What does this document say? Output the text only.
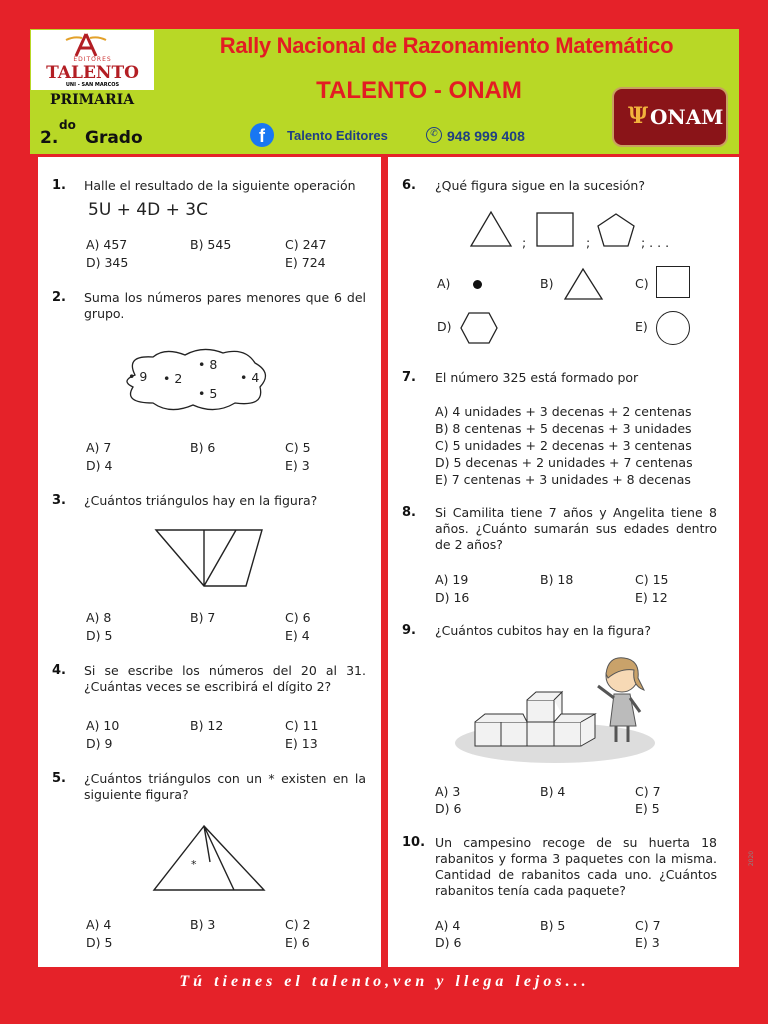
EDITORES
TALENTO
UNI - SAN MARCOS
PRIMARIA
2.
do
Grado
Rally Nacional de Razonamiento Matemático
TALENTO - ONAM
f	Talento Editores	✆ 948 999 408
Ψ ONAM
1. Halle el resultado de la siguiente operación
5U + 4D + 3C
A) 457	B) 545	C) 247
D) 345	E) 724
2. Suma los números pares menores que 6 del grupo.
• 9 • 2
• 8
• 5
• 4
A) 7	B) 6	C) 5
D) 4	E) 3
3. ¿Cuántos triángulos hay en la figura?
A) 8	B) 7	C) 6
D) 5	E) 4
4. Si se escribe los números del 20 al 31. ¿Cuántas veces se escribirá el dígito 2?
A) 10	B) 12	C) 11
D) 9	E) 13
5. ¿Cuántos triángulos con un * existen en la siguiente figura?
*
A) 4	B) 3	C) 2
D) 5	E) 6
6. ¿Qué figura sigue en la sucesión?
;	;	; . . .
A)	B)	C)
D)	E)
7. El número 325 está formado por
A) 4 unidades + 3 decenas + 2 centenas
B) 8 centenas + 5 decenas + 3 unidades
C) 5 unidades + 2 decenas + 3 centenas
D) 5 decenas + 2 unidades + 7 centenas
E) 7 centenas + 3 unidades + 8 decenas
8. Si Camilita tiene 7 años y Angelita tiene 8 años. ¿Cuánto sumarán sus edades dentro de 2 años?
A) 19	B) 18	C) 15
D) 16	E) 12
9. ¿Cuántos cubitos hay en la figura?
A) 3	B) 4	C) 7
D) 6	E) 5
10. Un campesino recoge de su huerta 18 rabanitos y forma 3 paquetes con la misma. Cantidad de rabanitos cada uno. ¿Cuántos rabanitos tenía cada paquete?
A) 4	B) 5	C) 7
D) 6	E) 3
2020
Tú tienes el talento,ven y llega lejos...
